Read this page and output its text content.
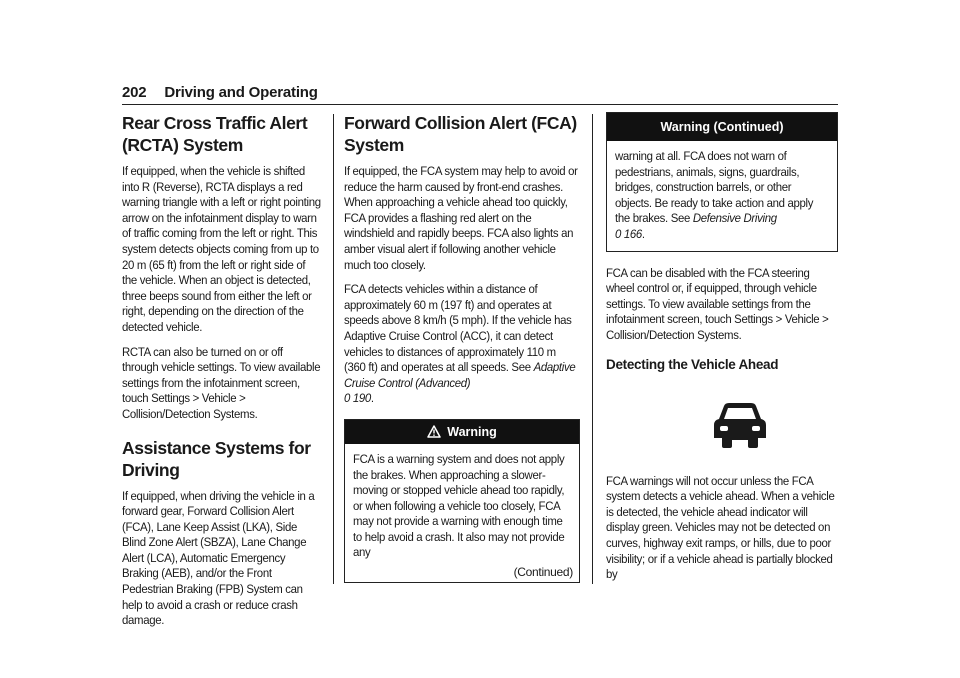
202 Driving and Operating
Rear Cross Traffic Alert (RCTA) System

If equipped, when the vehicle is shifted into R (Reverse), RCTA displays a red warning triangle with a left or right pointing arrow on the infotainment display to warn of traffic coming from the left or right. This system detects objects coming from up to 20 m (65 ft) from the left or right side of the vehicle. When an object is detected, three beeps sound from either the left or right, depending on the direction of the detected vehicle.

RCTA can also be turned on or off through vehicle settings. To view available settings from the infotainment screen, touch Settings > Vehicle > Collision/Detection Systems.

Assistance Systems for Driving

If equipped, when driving the vehicle in a forward gear, Forward Collision Alert (FCA), Lane Keep Assist (LKA), Side Blind Zone Alert (SBZA), Lane Change Alert (LCA), Automatic Emergency Braking (AEB), and/or the Front Pedestrian Braking (FPB) System can help to avoid a crash or reduce crash damage.

Forward Collision Alert (FCA) System

If equipped, the FCA system may help to avoid or reduce the harm caused by front-end crashes. When approaching a vehicle ahead too quickly, FCA provides a flashing red alert on the windshield and rapidly beeps. FCA also lights an amber visual alert if following another vehicle much too closely.

FCA detects vehicles within a distance of approximately 60 m (197 ft) and operates at speeds above 8 km/h (5 mph). If the vehicle has Adaptive Cruise Control (ACC), it can detect vehicles to distances of approximately 110 m (360 ft) and operates at all speeds. See Adaptive Cruise Control (Advanced)
0 190.

Warning

FCA is a warning system and does not apply the brakes. When approaching a slower-moving or stopped vehicle ahead too rapidly, or when following a vehicle too closely, FCA may not provide a warning with enough time to help avoid a crash. It also may not provide any

(Continued)
Warning (Continued)

warning at all. FCA does not warn of pedestrians, animals, signs, guardrails, bridges, construction barrels, or other objects. Be ready to take action and apply the brakes. See Defensive Driving
0 166.

FCA can be disabled with the FCA steering wheel control or, if equipped, through vehicle settings. To view available settings from the infotainment screen, touch Settings > Vehicle > Collision/Detection Systems.

Detecting the Vehicle Ahead

FCA warnings will not occur unless the FCA system detects a vehicle ahead. When a vehicle is detected, the vehicle ahead indicator will display green. Vehicles may not be detected on curves, highway exit ramps, or hills, due to poor visibility; or if a vehicle ahead is partially blocked by
